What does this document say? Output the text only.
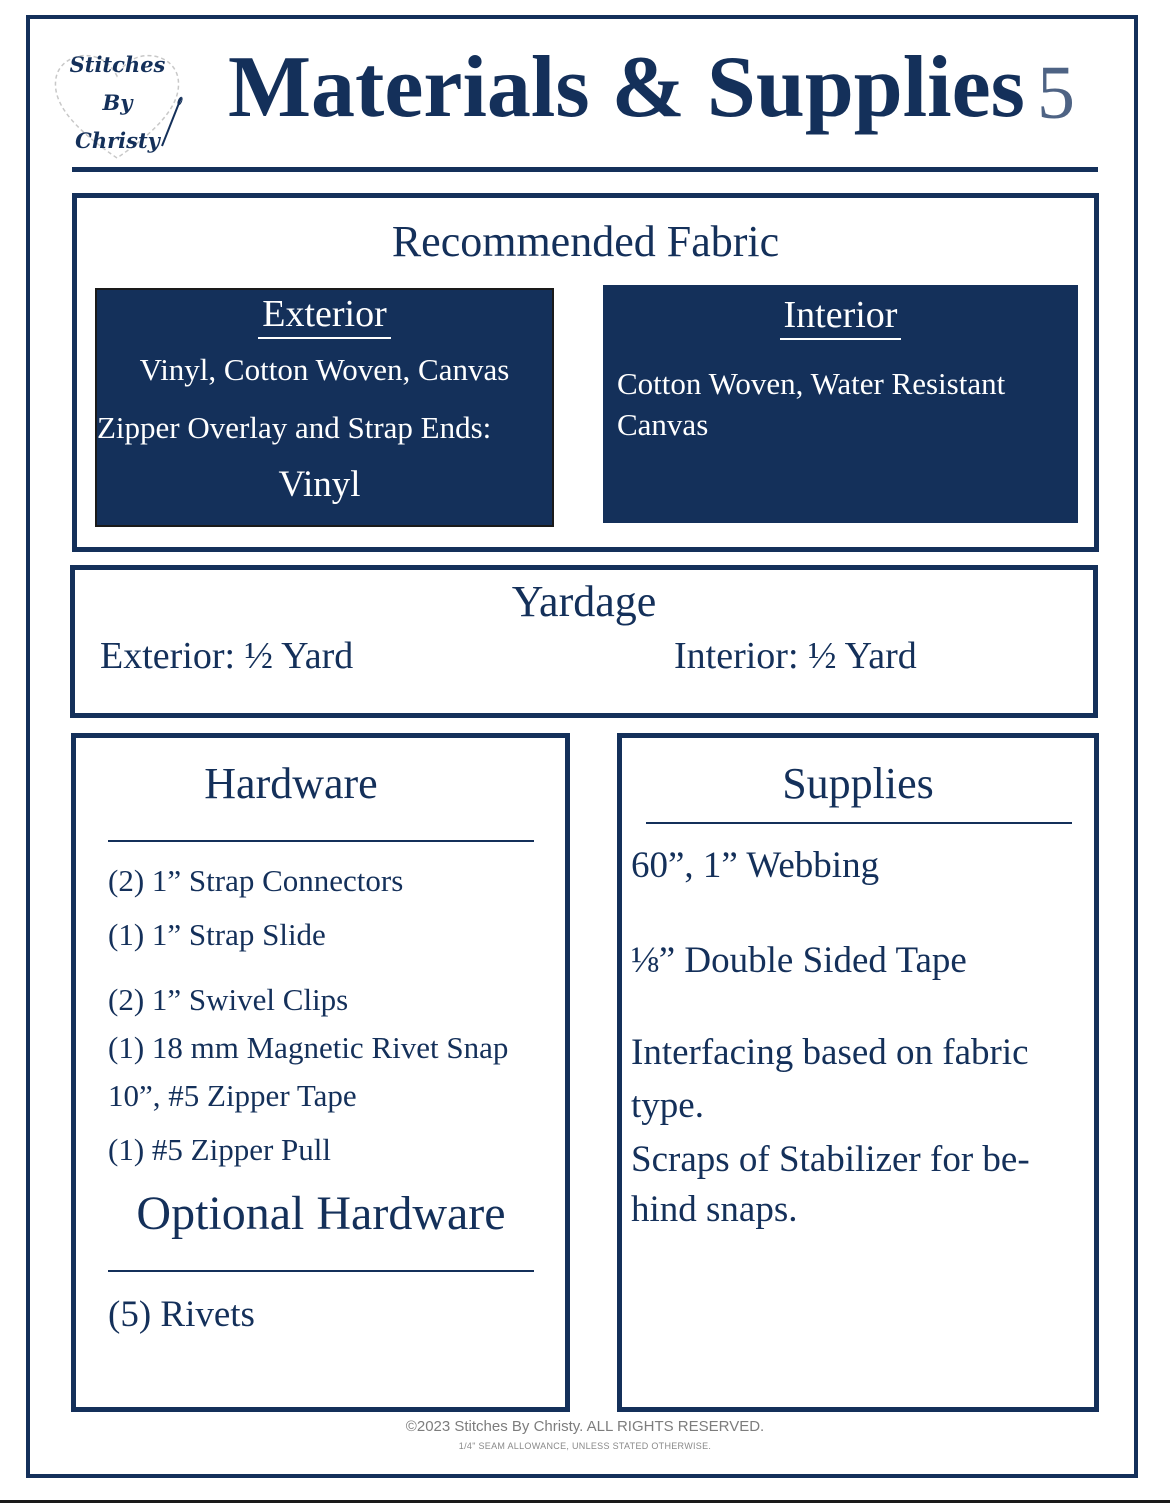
Stitches
By
Christy
Materials & Supplies 5
Recommended Fabric
Exterior
Vinyl, Cotton Woven, Canvas
Zipper Overlay and Strap Ends:
Vinyl
Interior
Cotton Woven, Water Resistant
Canvas
Yardage
Exterior: ½ Yard	Interior: ½ Yard
Hardware
(2) 1” Strap Connectors
(1) 1” Strap Slide
(2) 1” Swivel Clips
(1) 18 mm Magnetic Rivet Snap
10”, #5 Zipper Tape
(1) #5 Zipper Pull
Optional Hardware
(5) Rivets
Supplies
60”, 1” Webbing
⅛” Double Sided Tape
Interfacing based on fabric
type.
Scraps of Stabilizer for be-
hind snaps.
©2023 Stitches By Christy. ALL RIGHTS RESERVED.
1/4" SEAM ALLOWANCE, UNLESS STATED OTHERWISE.
